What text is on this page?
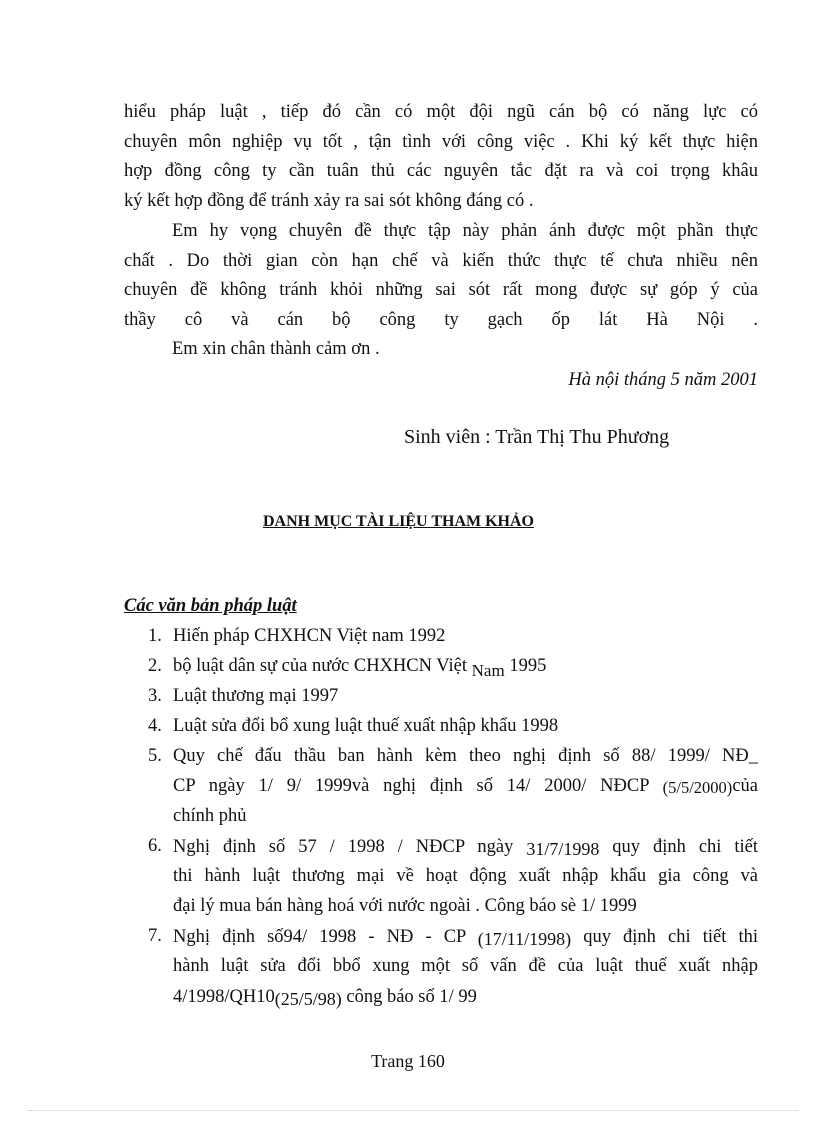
hiểu pháp luật , tiếp đó cần có một đội ngũ cán bộ có năng lực có
chuyên môn nghiệp vụ tốt , tận tình với công việc . Khi ký kết thực hiện
hợp đồng công ty cần tuân thủ các nguyên tắc đặt ra và coi trọng khâu
ký kết hợp đồng để tránh xảy ra sai sót không đáng có .
Em hy vọng chuyên đề thực tập này phản ánh được một phần thực
chất . Do thời gian còn hạn chế và kiến thức thực tế chưa nhiều nên
chuyên đề không tránh khỏi những sai sót rất mong được sự góp ý của
thầy cô và cán bộ công ty gạch ốp lát Hà Nội .
Em xin chân thành cảm ơn .
Hà nội tháng 5 năm 2001
Sinh viên : Trần Thị Thu Phương
DANH MỤC TÀI LIỆU THAM KHẢO
Các văn bản pháp luật
1. Hiến pháp CHXHCN Việt nam 1992
2. bộ luật dân sự của nước CHXHCN Việt Nam 1995
3. Luật thương mại 1997
4. Luật sửa đổi bổ xung luật thuế xuất nhập khẩu 1998
5. Quy chế đấu thầu ban hành kèm theo nghị định số 88/ 1999/ NĐ_
CP ngày 1/ 9/ 1999và nghị định số 14/ 2000/ NĐCP (5/5/2000)của
chính phủ
6. Nghị định số 57 / 1998 / NĐCP ngày 31/7/1998 quy định chi tiết
thi hành luật thương mại về hoạt động xuất nhập khẩu gia công và
đại lý mua bán hàng hoá với nước ngoài . Công báo sè 1/ 1999
7. Nghị định số94/ 1998 - NĐ - CP (17/11/1998) quy định chi tiết thi
hành luật sửa đổi bbổ xung một số vấn đề của luật thuế xuất nhập
4/1998/QH10(25/5/98) công báo số 1/ 99
Trang 160
